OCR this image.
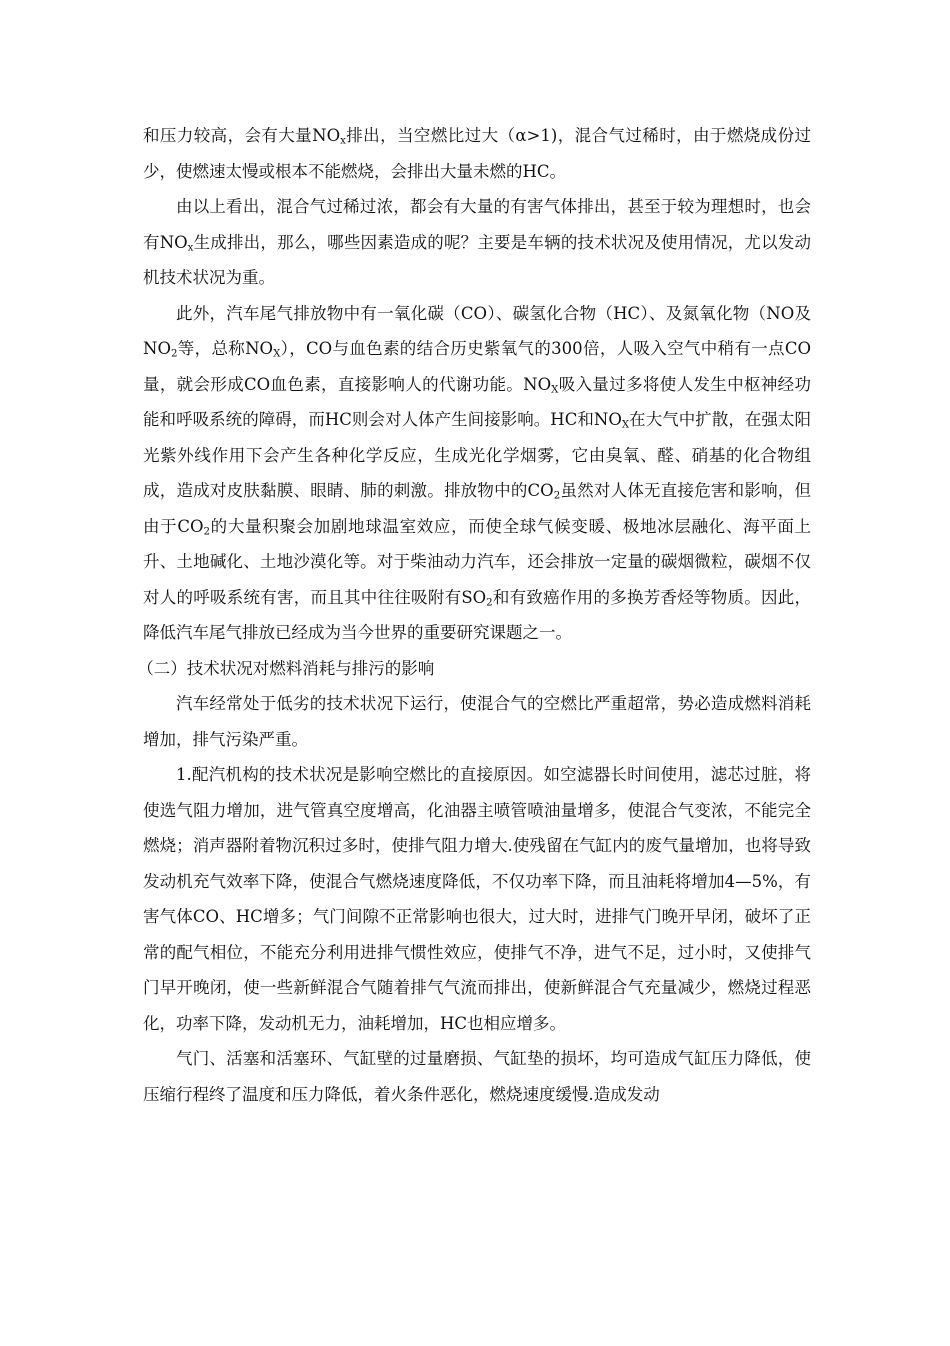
和压力较高，会有大量$NO_x$排出，当空燃比过大（α>1)，混合气过稀时，由于燃烧成份过少，使燃速太慢或根本不能燃烧，会排出大量未燃的HC。

由以上看出，混合气过稀过浓，都会有大量的有害气体排出，甚至于较为理想时，也会有$NO_x$生成排出，那么，哪些因素造成的呢？主要是车辆的技术状况及使用情况，尤以发动机技术状况为重。

此外，汽车尾气排放物中有一氧化碳（CO）、碳氢化合物（HC）、及氮氧化物（NO及$NO_2$等，总称$NO_X$），CO与血色素的结合历史紫氧气的300倍，人吸入空气中稍有一点CO量，就会形成CO血色素，直接影响人的代谢功能。$NO_X$吸入量过多将使人发生中枢神经功能和呼吸系统的障碍，而HC则会对人体产生间接影响。HC和$NO_X$在大气中扩散，在强太阳光紫外线作用下会产生各种化学反应，生成光化学烟雾，它由臭氧、醛、硝基的化合物组成，造成对皮肤黏膜、眼睛、肺的刺激。排放物中的$CO_2$虽然对人体无直接危害和影响，但由于$CO_2$的大量积聚会加剧地球温室效应，而使全球气候变暖、极地冰层融化、海平面上升、土地碱化、土地沙漠化等。对于柴油动力汽车，还会排放一定量的碳烟微粒，碳烟不仅对人的呼吸系统有害，而且其中往往吸附有$SO_2$和有致癌作用的多换芳香烃等物质。因此，降低汽车尾气排放已经成为当今世界的重要研究课题之一。

（二）技术状况对燃料消耗与排污的影响

汽车经常处于低劣的技术状况下运行，使混合气的空燃比严重超常，势必造成燃料消耗增加，排气污染严重。

1.配汽机构的技术状况是影响空燃比的直接原因。如空滤器长时间使用，滤芯过脏，将使选气阻力增加，进气管真空度增高，化油器主喷管喷油量增多，使混合气变浓，不能完全燃烧；消声器附着物沉积过多时，使排气阻力增大.使残留在气缸内的废气量增加，也将导致发动机充气效率下降，使混合气燃烧速度降低，不仅功率下降，而且油耗将增加4—5%，有害气体CO、HC增多；气门间隙不正常影响也很大，过大时，进排气门晚开早闭，破坏了正常的配气相位，不能充分利用进排气惯性效应，使排气不净，进气不足，过小时，又使排气门早开晚闭，使一些新鲜混合气随着排气气流而排出，使新鲜混合气充量减少，燃烧过程恶化，功率下降，发动机无力，油耗增加，HC也相应增多。

气门、活塞和活塞环、气缸壁的过量磨损、气缸垫的损坏，均可造成气缸压力降低，使压缩行程终了温度和压力降低，着火条件恶化，燃烧速度缓慢.造成发动
